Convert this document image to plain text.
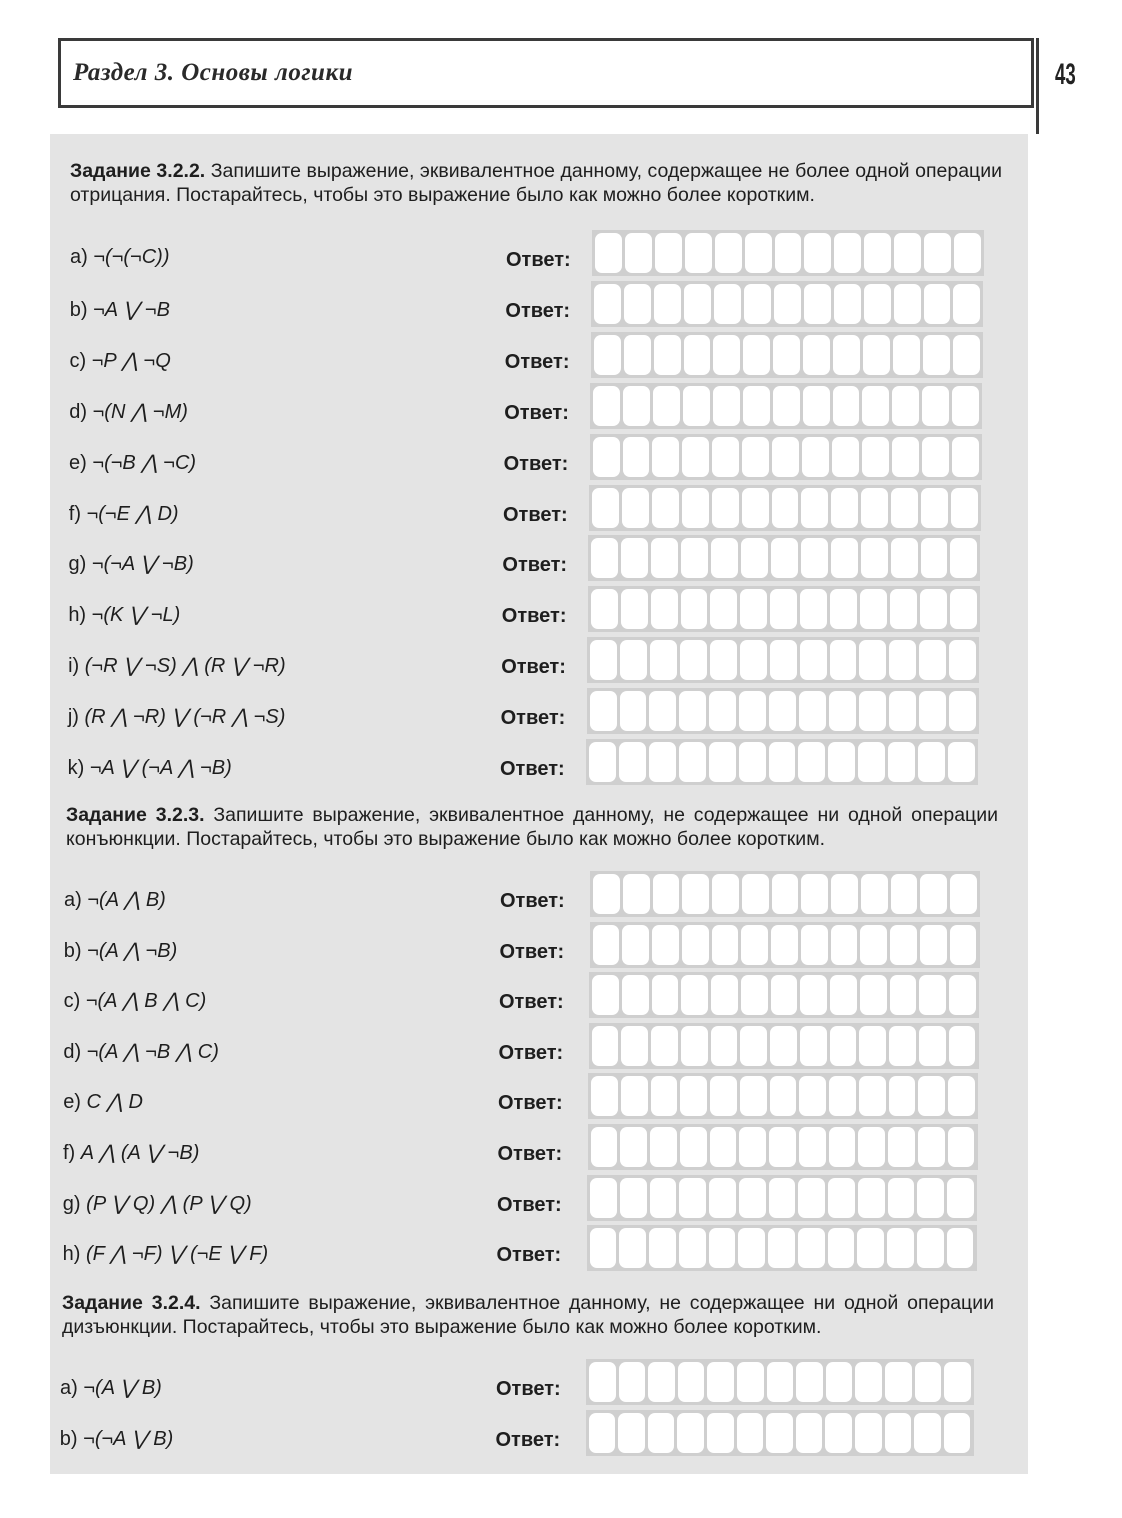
Раздел 3. Основы логики	43
Задание 3.2.2. Запишите выражение, эквивалентное данному, содержащее не более одной операции отрицания. Постарайтесь, чтобы это выражение было как можно более коротким.
a) ¬(¬(¬C))	Ответ:
b) ¬A ⋁ ¬B	Ответ:
c) ¬P ⋀ ¬Q	Ответ:
d) ¬(N ⋀ ¬M)	Ответ:
e) ¬(¬B ⋀ ¬C)	Ответ:
f) ¬(¬E ⋀ D)	Ответ:
g) ¬(¬A ⋁ ¬B)	Ответ:
h) ¬(K ⋁ ¬L)	Ответ:
i) (¬R ⋁ ¬S) ⋀ (R ⋁ ¬R)	Ответ:
j) (R ⋀ ¬R) ⋁ (¬R ⋀ ¬S)	Ответ:
k) ¬A ⋁ (¬A ⋀ ¬B)	Ответ:
Задание 3.2.3. Запишите выражение, эквивалентное данному, не содержащее ни одной операции конъюнкции. Постарайтесь, чтобы это выражение было как можно более коротким.
a) ¬(A ⋀ B)	Ответ:
b) ¬(A ⋀ ¬B)	Ответ:
c) ¬(A ⋀ B ⋀ C)	Ответ:
d) ¬(A ⋀ ¬B ⋀ C)	Ответ:
e) C ⋀ D	Ответ:
f) A ⋀ (A ⋁ ¬B)	Ответ:
g) (P ⋁ Q) ⋀ (P ⋁ Q)	Ответ:
h) (F ⋀ ¬F) ⋁ (¬E ⋁ F)	Ответ:
Задание 3.2.4. Запишите выражение, эквивалентное данному, не содержащее ни одной операции дизъюнкции. Постарайтесь, чтобы это выражение было как можно более коротким.
a) ¬(A ⋁ B)	Ответ:
b) ¬(¬A ⋁ B)	Ответ:
